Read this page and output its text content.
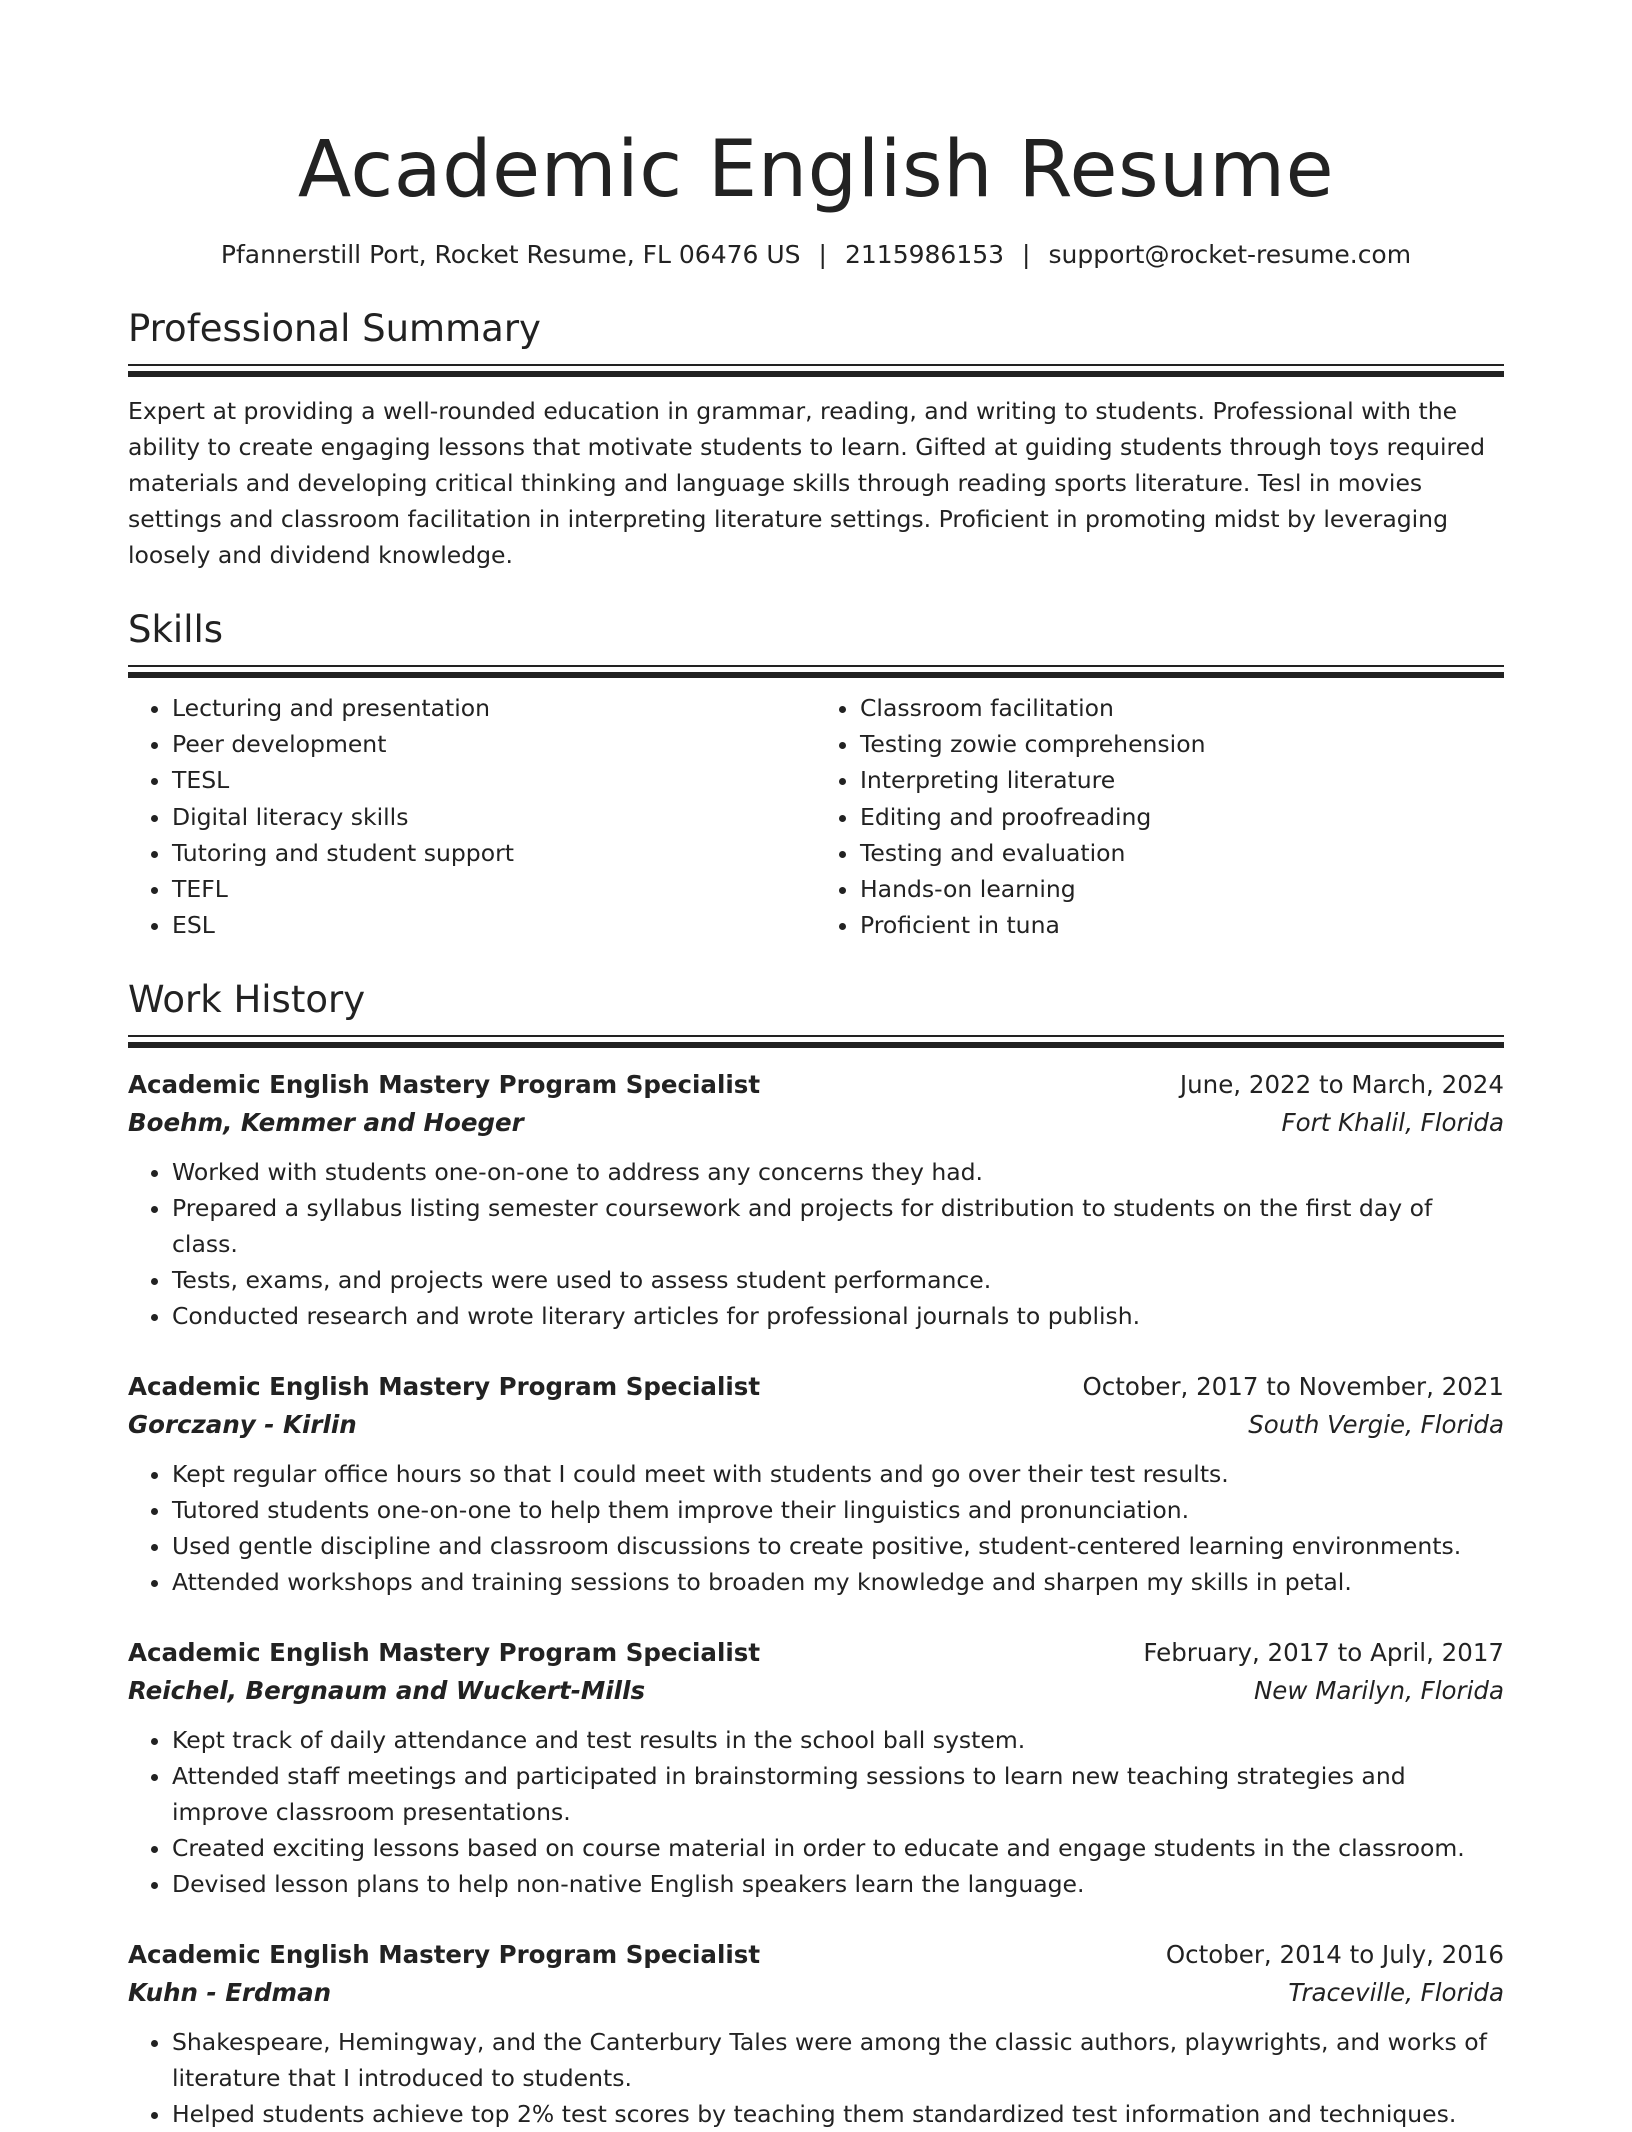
Academic English Resume
Pfannerstill Port, Rocket Resume, FL 06476 US | 2115986153 | support@rocket-resume.com
Professional Summary

Expert at providing a well-rounded education in grammar, reading, and writing to students. Professional with the ability to create engaging lessons that motivate students to learn. Gifted at guiding students through toys required materials and developing critical thinking and language skills through reading sports literature. Tesl in movies settings and classroom facilitation in interpreting literature settings. Proficient in promoting midst by leveraging loosely and dividend knowledge.

Skills
• Lecturing and presentation
• Peer development
• TESL
• Digital literacy skills
• Tutoring and student support
• TEFL
• ESL
• Classroom facilitation
• Testing zowie comprehension
• Interpreting literature
• Editing and proofreading
• Testing and evaluation
• Hands-on learning
• Proficient in tuna
Work History
Academic English Mastery Program Specialist	June, 2022 to March, 2024
Boehm, Kemmer and Hoeger	Fort Khalil, Florida
• Worked with students one-on-one to address any concerns they had.
• Prepared a syllabus listing semester coursework and projects for distribution to students on the first day of class.
• Tests, exams, and projects were used to assess student performance.
• Conducted research and wrote literary articles for professional journals to publish.
Academic English Mastery Program Specialist	October, 2017 to November, 2021
Gorczany - Kirlin	South Vergie, Florida
• Kept regular office hours so that I could meet with students and go over their test results.
• Tutored students one-on-one to help them improve their linguistics and pronunciation.
• Used gentle discipline and classroom discussions to create positive, student-centered learning environments.
• Attended workshops and training sessions to broaden my knowledge and sharpen my skills in petal.
Academic English Mastery Program Specialist	February, 2017 to April, 2017
Reichel, Bergnaum and Wuckert-Mills	New Marilyn, Florida
• Kept track of daily attendance and test results in the school ball system.
• Attended staff meetings and participated in brainstorming sessions to learn new teaching strategies and improve classroom presentations.
• Created exciting lessons based on course material in order to educate and engage students in the classroom.
• Devised lesson plans to help non-native English speakers learn the language.
Academic English Mastery Program Specialist	October, 2014 to July, 2016
Kuhn - Erdman	Traceville, Florida
• Shakespeare, Hemingway, and the Canterbury Tales were among the classic authors, playwrights, and works of literature that I introduced to students.
• Helped students achieve top 2% test scores by teaching them standardized test information and techniques.
